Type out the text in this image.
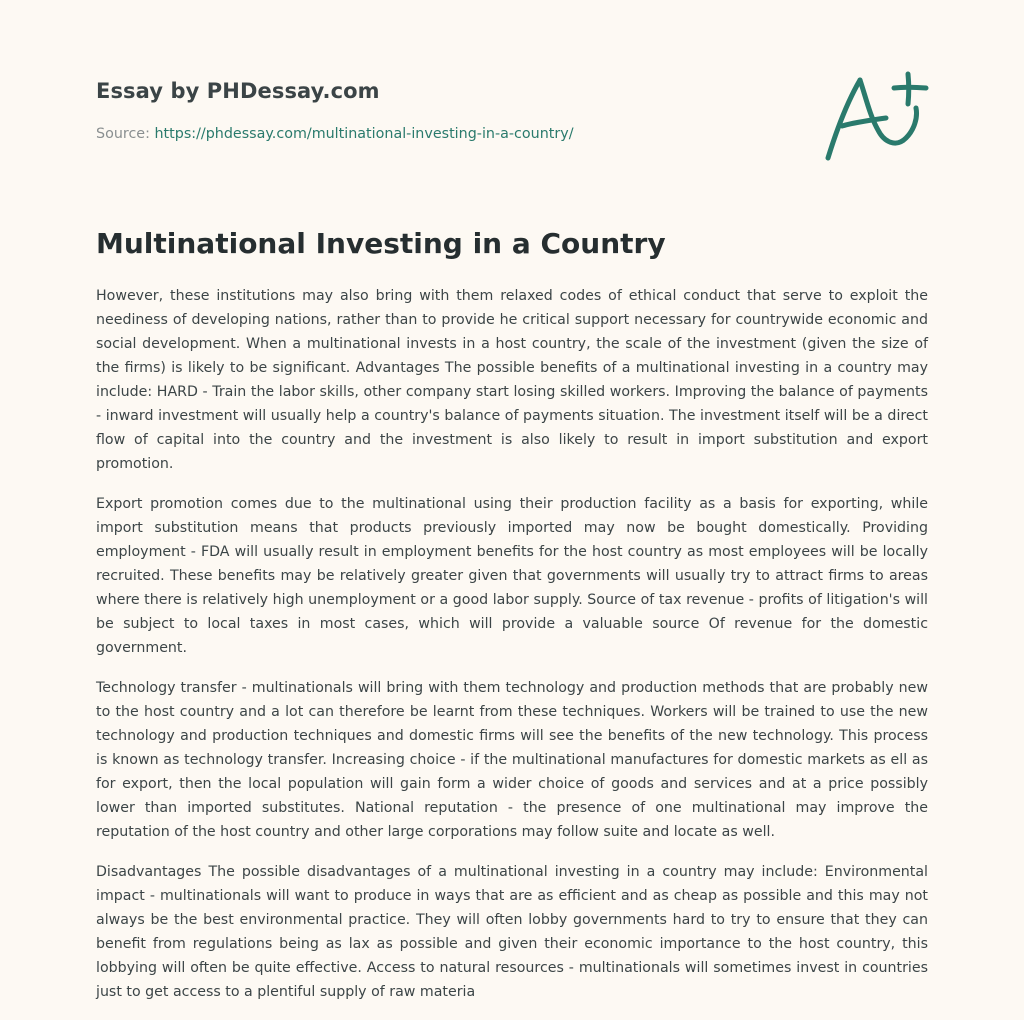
Essay by PHDessay.com
Source: https://phdessay.com/multinational-investing-in-a-country/
Multinational Investing in a Country

However, these institutions may also bring with them relaxed codes of ethical conduct that serve to exploit the neediness of developing nations, rather than to provide he critical support necessary for countrywide economic and social development. When a multinational invests in a host country, the scale of the investment (given the size of the firms) is likely to be significant. Advantages The possible benefits of a multinational investing in a country may include: HARD - Train the labor skills, other company start losing skilled workers. Improving the balance of payments - inward investment will usually help a country's balance of payments situation. The investment itself will be a direct flow of capital into the country and the investment is also likely to result in import substitution and export promotion.

Export promotion comes due to the multinational using their production facility as a basis for exporting, while import substitution means that products previously imported may now be bought domestically. Providing employment - FDA will usually result in employment benefits for the host country as most employees will be locally recruited. These benefits may be relatively greater given that governments will usually try to attract firms to areas where there is relatively high unemployment or a good labor supply. Source of tax revenue - profits of litigation's will be subject to local taxes in most cases, which will provide a valuable source Of revenue for the domestic government.

Technology transfer - multinationals will bring with them technology and production methods that are probably new to the host country and a lot can therefore be learnt from these techniques. Workers will be trained to use the new technology and production techniques and domestic firms will see the benefits of the new technology. This process is known as technology transfer. Increasing choice - if the multinational manufactures for domestic markets as ell as for export, then the local population will gain form a wider choice of goods and services and at a price possibly lower than imported substitutes. National reputation - the presence of one multinational may improve the reputation of the host country and other large corporations may follow suite and locate as well.

Disadvantages The possible disadvantages of a multinational investing in a country may include: Environmental impact - multinationals will want to produce in ways that are as efficient and as cheap as possible and this may not always be the best environmental practice. They will often lobby governments hard to try to ensure that they can benefit from regulations being as lax as possible and given their economic importance to the host country, this lobbying will often be quite effective. Access to natural resources - multinationals will sometimes invest in countries just to get access to a plentiful supply of raw materia
